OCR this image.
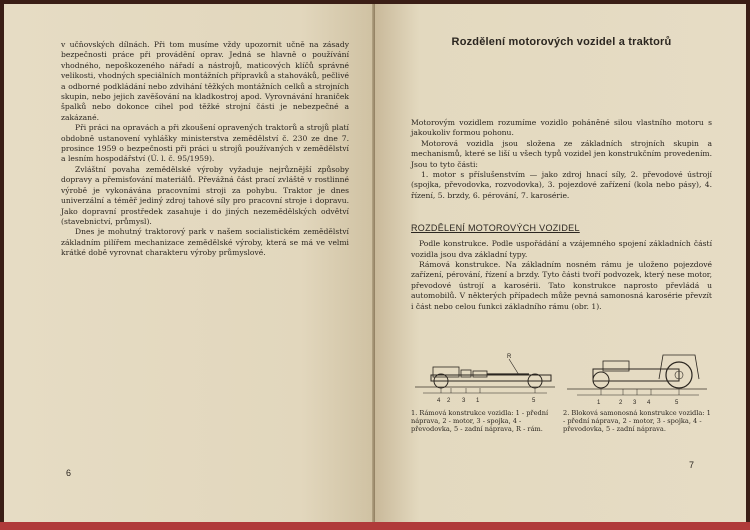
v učňovských dílnách. Při tom musíme vždy upozornit učně na zásady bezpečnosti práce při provádění oprav. Jedná se hlavně o používání vhodného, nepoškozeného nářadí a nástrojů, maticových klíčů správné velikosti, vhodných speciálních montážních přípravků a stahováků, pečlivé a odborné podkládání nebo zdvihání těžkých montážních celků a strojních skupin, nebo jejich zavěšování na kladkostroj apod. Vyrovnávání hraniček špalků nebo dokonce cihel pod těžké strojní části je nebezpečné a zakázané.

Při práci na opravách a při zkoušení opravených traktorů a strojů platí obdobně ustanovení vyhlášky ministerstva zemědělství č. 230 ze dne 7. prosince 1959 o bezpečnosti při práci u strojů používaných v zemědělství a lesním hospodářství (Ú. l. č. 95/1959).

Zvláštní povaha zemědělské výroby vyžaduje nejrůznější způsoby dopravy a přemisťování materiálů. Převážná část prací zvláště v rostlinné výrobě je vykonávána pracovními stroji za pohybu. Traktor je dnes univerzální a téměř jediný zdroj tahové síly pro pracovní stroje i dopravu. Jako dopravní prostředek zasahuje i do jiných nezemědělských odvětví (stavebnictví, průmysl).

Dnes je mohutný traktorový park v našem socialistickém zemědělství základním pilířem mechanizace zemědělské výroby, která se má ve velmi krátké době vyrovnat charakteru výroby průmyslové.

6
Rozdělení motorových vozidel a traktorů

Motorovým vozidlem rozumíme vozidlo poháněné silou vlastního motoru s jakoukoliv formou pohonu.

Motorová vozidla jsou složena ze základních strojních skupin a mechanismů, které se liší u všech typů vozidel jen konstrukčním provedením. Jsou to tyto části:

1. motor s příslušenstvím — jako zdroj hnací síly, 2. převodové ústrojí (spojka, převodovka, rozvodovka), 3. pojezdové zařízení (kola nebo pásy), 4. řízení, 5. brzdy, 6. pérování, 7. karosérie.

ROZDĚLENÍ MOTOROVÝCH VOZIDEL

Podle konstrukce. Podle uspořádání a vzájemného spojení základních částí vozidla jsou dva základní typy.

Rámová konstrukce. Na základním nosném rámu je uloženo pojezdové zařízení, pérování, řízení a brzdy. Tyto části tvoří podvozek, který nese motor, převodové ústrojí a karosérii. Tato konstrukce naprosto převládá u automobilů. V některých případech může pevná samonosná karosérie převzít i část nebo celou funkci základního rámu (obr. 1).

4 2 3 1	5
R
1. Rámová konstrukce vozidla: 1 - přední náprava, 2 - motor, 3 - spojka, 4 - převodovka, 5 - zadní náprava, R - rám.
1	2 3 4	5
2. Bloková samonosná konstrukce vozidla: 1 - přední náprava, 2 - motor, 3 - spojka, 4 - převodovka, 5 - zadní náprava.
7
